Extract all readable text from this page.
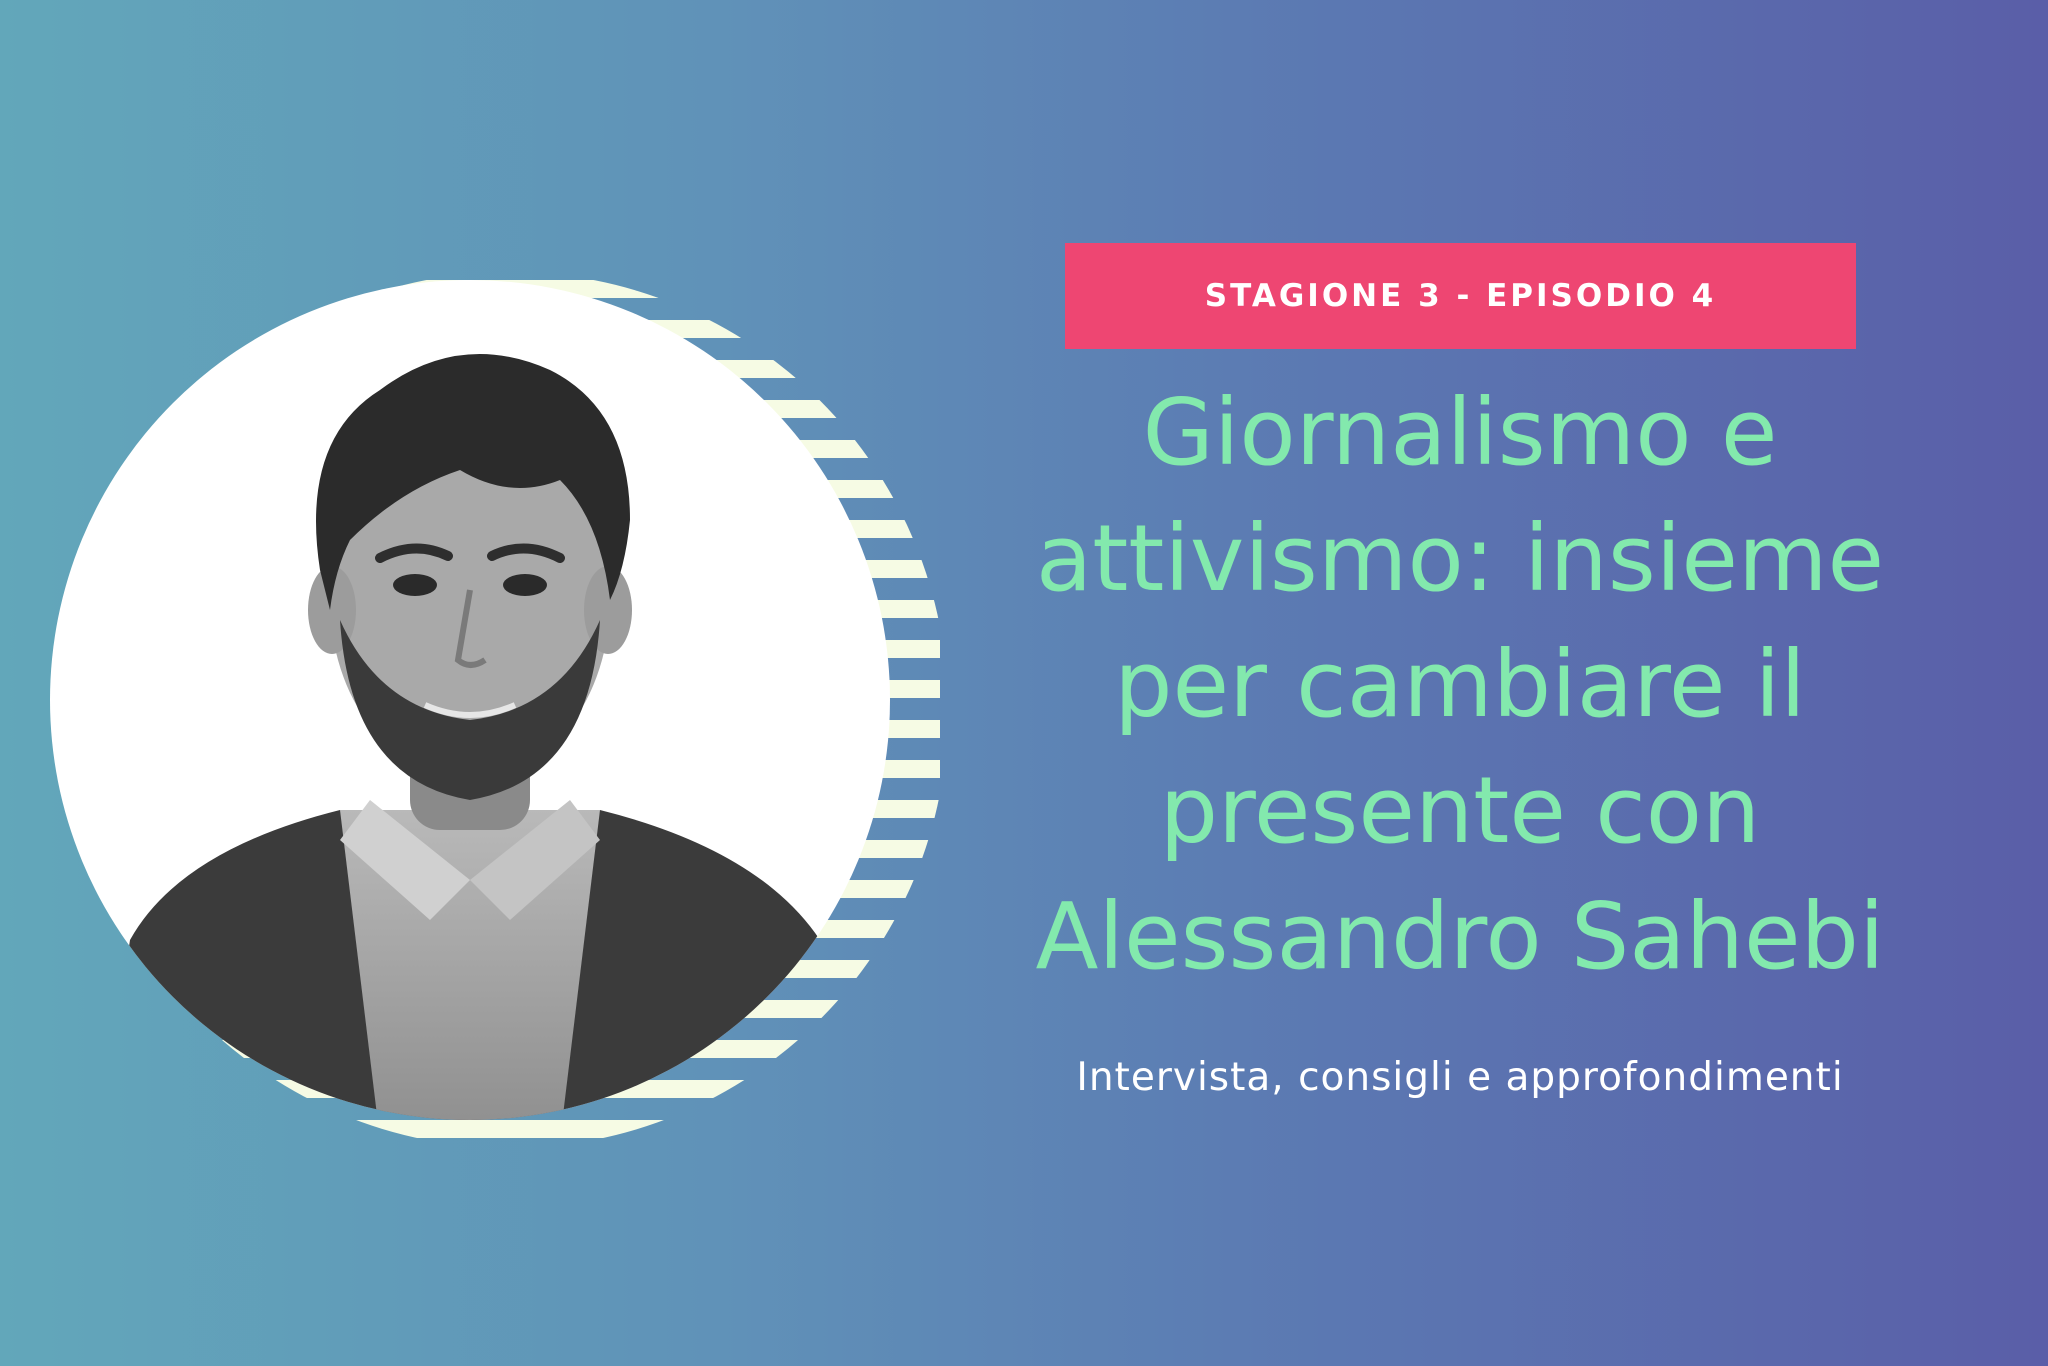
STAGIONE 3 - EPISODIO 4
Giornalismo e
attivismo: insieme
per cambiare il
presente con
Alessandro Sahebi
Intervista, consigli e approfondimenti
